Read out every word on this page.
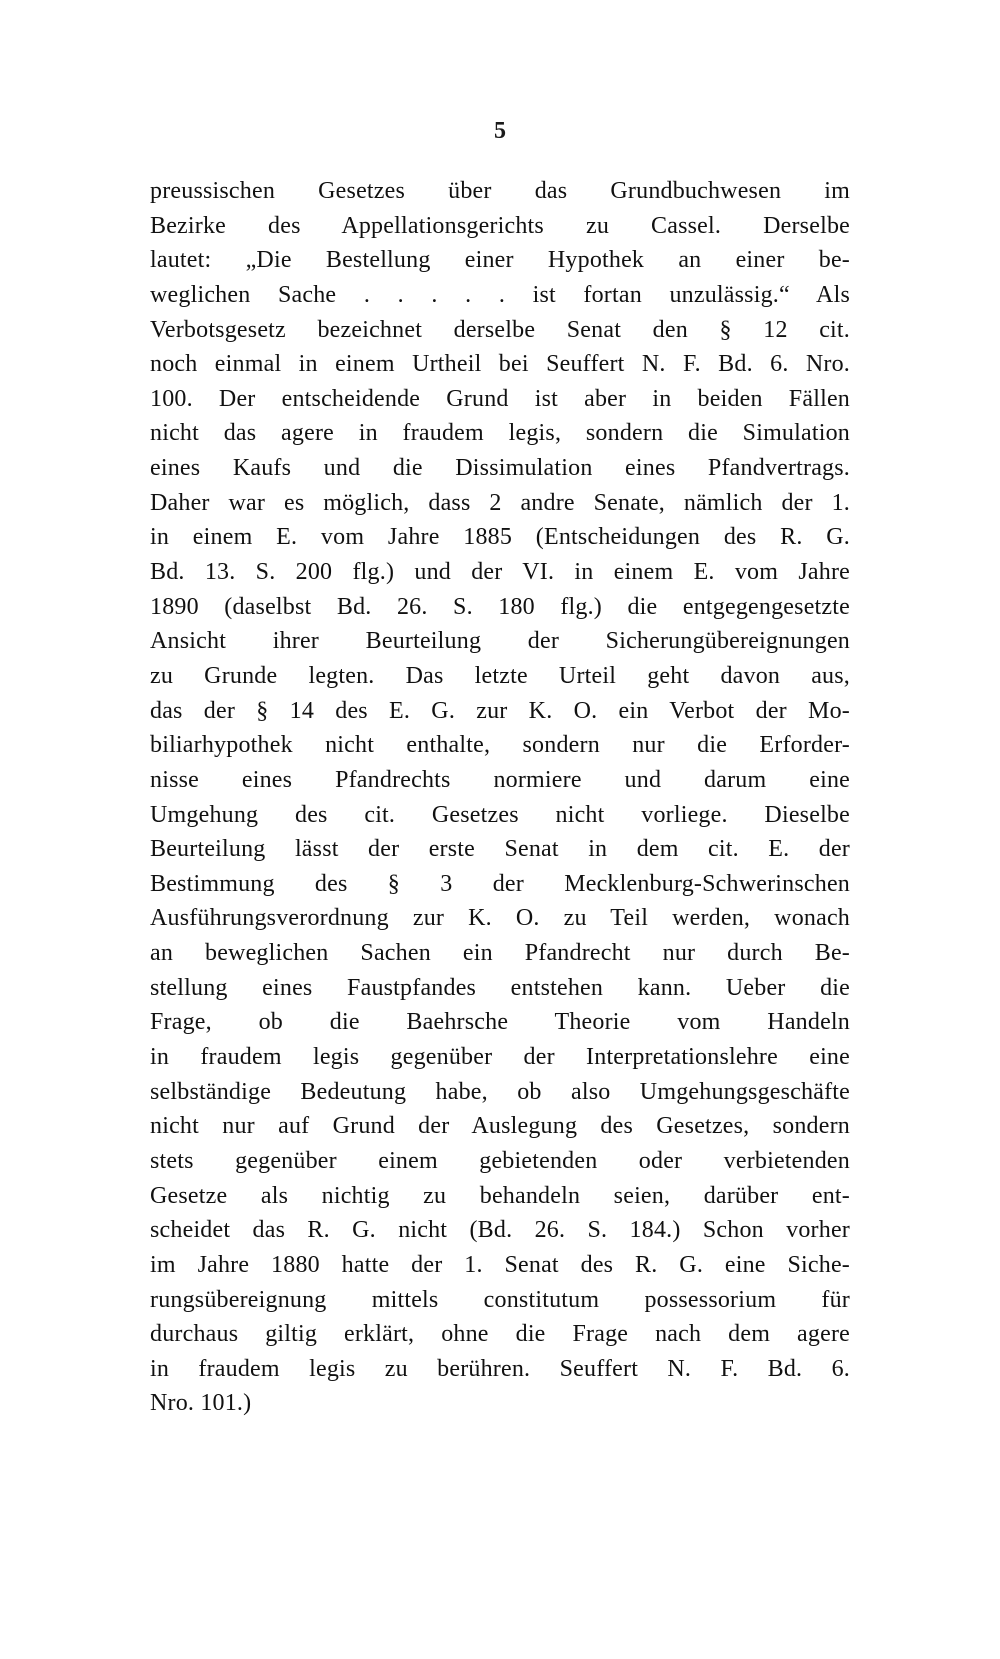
5
preussischen Gesetzes über das Grundbuchwesen im
Bezirke des Appellationsgerichts zu Cassel. Derselbe
lautet: „Die Bestellung einer Hypothek an einer be-
weglichen Sache . . . . . ist fortan unzulässig.“ Als
Verbotsgesetz bezeichnet derselbe Senat den § 12 cit.
noch einmal in einem Urtheil bei Seuffert N. F. Bd. 6. Nro.
100. Der entscheidende Grund ist aber in beiden Fällen
nicht das agere in fraudem legis, sondern die Simulation
eines Kaufs und die Dissimulation eines Pfandvertrags.
Daher war es möglich, dass 2 andre Senate, nämlich der 1.
in einem E. vom Jahre 1885 (Entscheidungen des R. G.
Bd. 13. S. 200 flg.) und der VI. in einem E. vom Jahre
1890 (daselbst Bd. 26. S. 180 flg.) die entgegengesetzte
Ansicht ihrer Beurteilung der Sicherungübereignungen
zu Grunde legten. Das letzte Urteil geht davon aus,
das der § 14 des E. G. zur K. O. ein Verbot der Mo-
biliarhypothek nicht enthalte, sondern nur die Erforder-
nisse eines Pfandrechts normiere und darum eine
Umgehung des cit. Gesetzes nicht vorliege. Dieselbe
Beurteilung lässt der erste Senat in dem cit. E. der
Bestimmung des § 3 der Mecklenburg-Schwerinschen
Ausführungsverordnung zur K. O. zu Teil werden, wonach
an beweglichen Sachen ein Pfandrecht nur durch Be-
stellung eines Faustpfandes entstehen kann. Ueber die
Frage, ob die Baehrsche Theorie vom Handeln
in fraudem legis gegenüber der Interpretationslehre eine
selbständige Bedeutung habe, ob also Umgehungsgeschäfte
nicht nur auf Grund der Auslegung des Gesetzes, sondern
stets gegenüber einem gebietenden oder verbietenden
Gesetze als nichtig zu behandeln seien, darüber ent-
scheidet das R. G. nicht (Bd. 26. S. 184.) Schon vorher
im Jahre 1880 hatte der 1. Senat des R. G. eine Siche-
rungsübereignung mittels constitutum possessorium für
durchaus giltig erklärt, ohne die Frage nach dem agere
in fraudem legis zu berühren. Seuffert N. F. Bd. 6.
Nro. 101.)
